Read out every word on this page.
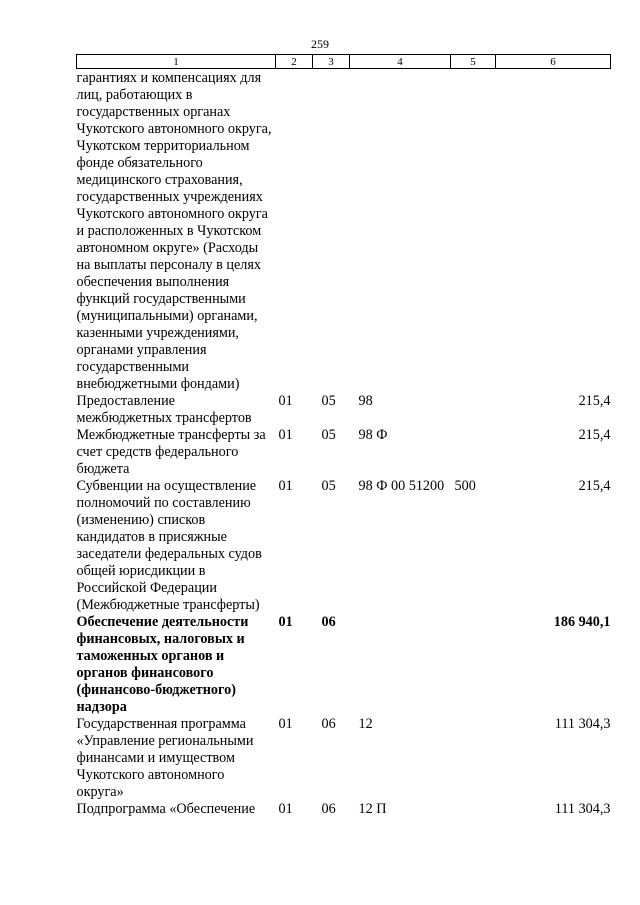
259
1	2	3	4	5	6
гарантиях и компенсациях для лиц, работающих в государственных органах Чукотского автономного округа, Чукотском территориальном фонде обязательного медицинского страхования, государственных учреждениях Чукотского автономного округа и расположенных в Чукотском автономном округе» (Расходы на выплаты персоналу в целях обеспечения выполнения функций государственными (муниципальными) органами, казенными учреждениями, органами управления государственными внебюджетными фондами)					
Предоставление межбюджетных трансфертов	01	05	98		215,4
Межбюджетные трансферты за счет средств федерального бюджета	01	05	98 Ф		215,4
Субвенции на осуществление полномочий по составлению (изменению) списков кандидатов в присяжные заседатели федеральных судов общей юрисдикции в Российской Федерации (Межбюджетные трансферты)	01	05	98 Ф 00 51200	500	215,4
Обеспечение деятельности финансовых, налоговых и таможенных органов и органов финансового (финансово-бюджетного) надзора	01	06			186 940,1
Государственная программа «Управление региональными финансами и имуществом Чукотского автономного округа»	01	06	12		111 304,3
Подпрограмма «Обеспечение	01	06	12 П		111 304,3
